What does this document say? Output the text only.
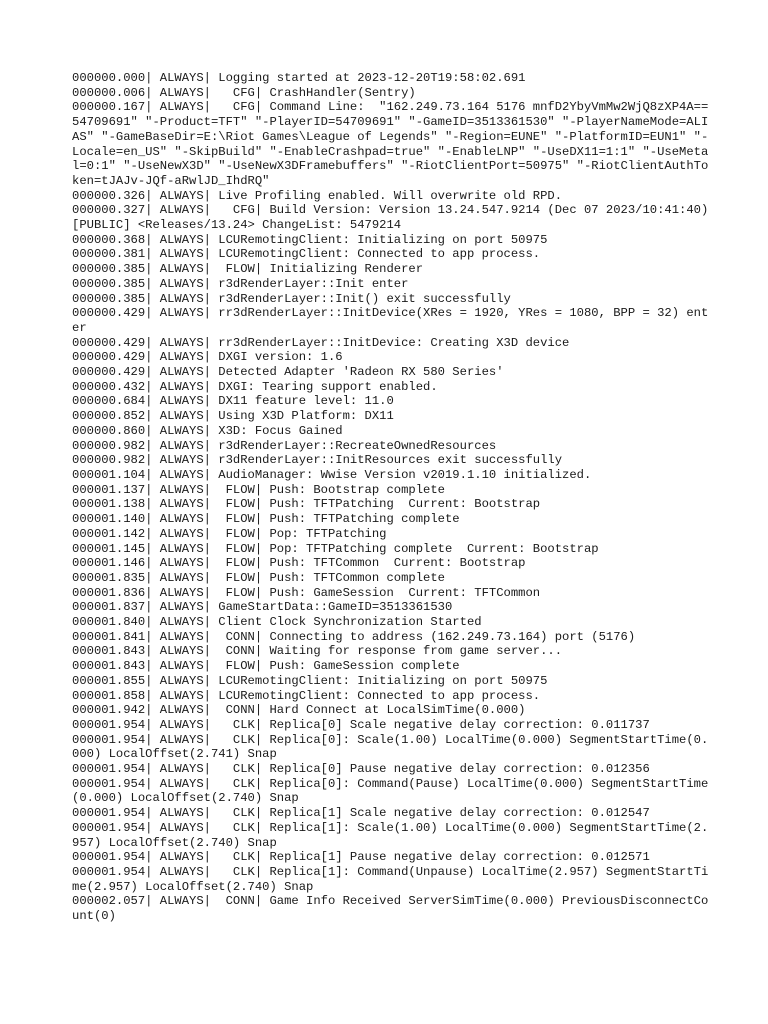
000000.000| ALWAYS| Logging started at 2023-12-20T19:58:02.691
000000.006| ALWAYS|   CFG| CrashHandler(Sentry)
000000.167| ALWAYS|   CFG| Command Line:  "162.249.73.164 5176 mnfD2YbyVmMw2WjQ8zXP4A== 54709691" "-Product=TFT" "-PlayerID=54709691" "-GameID=3513361530" "-PlayerNameMode=ALIAS" "-GameBaseDir=E:\Riot Games\League of Legends" "-Region=EUNE" "-PlatformID=EUN1" "-Locale=en_US" "-SkipBuild" "-EnableCrashpad=true" "-EnableLNP" "-UseDX11=1:1" "-UseMetal=0:1" "-UseNewX3D" "-UseNewX3DFramebuffers" "-RiotClientPort=50975" "-RiotClientAuthToken=tJAJv-JQf-aRwlJD_IhdRQ"
000000.326| ALWAYS| Live Profiling enabled. Will overwrite old RPD.
000000.327| ALWAYS|   CFG| Build Version: Version 13.24.547.9214 (Dec 07 2023/10:41:40) [PUBLIC] <Releases/13.24> ChangeList: 5479214
000000.368| ALWAYS| LCURemotingClient: Initializing on port 50975
000000.381| ALWAYS| LCURemotingClient: Connected to app process.
000000.385| ALWAYS|  FLOW| Initializing Renderer
000000.385| ALWAYS| r3dRenderLayer::Init enter
000000.385| ALWAYS| r3dRenderLayer::Init() exit successfully
000000.429| ALWAYS| rr3dRenderLayer::InitDevice(XRes = 1920, YRes = 1080, BPP = 32) enter
000000.429| ALWAYS| rr3dRenderLayer::InitDevice: Creating X3D device
000000.429| ALWAYS| DXGI version: 1.6
000000.429| ALWAYS| Detected Adapter 'Radeon RX 580 Series'
000000.432| ALWAYS| DXGI: Tearing support enabled.
000000.684| ALWAYS| DX11 feature level: 11.0
000000.852| ALWAYS| Using X3D Platform: DX11
000000.860| ALWAYS| X3D: Focus Gained
000000.982| ALWAYS| r3dRenderLayer::RecreateOwnedResources
000000.982| ALWAYS| r3dRenderLayer::InitResources exit successfully
000001.104| ALWAYS| AudioManager: Wwise Version v2019.1.10 initialized.
000001.137| ALWAYS|  FLOW| Push: Bootstrap complete
000001.138| ALWAYS|  FLOW| Push: TFTPatching  Current: Bootstrap
000001.140| ALWAYS|  FLOW| Push: TFTPatching complete
000001.142| ALWAYS|  FLOW| Pop: TFTPatching
000001.145| ALWAYS|  FLOW| Pop: TFTPatching complete  Current: Bootstrap
000001.146| ALWAYS|  FLOW| Push: TFTCommon  Current: Bootstrap
000001.835| ALWAYS|  FLOW| Push: TFTCommon complete
000001.836| ALWAYS|  FLOW| Push: GameSession  Current: TFTCommon
000001.837| ALWAYS| GameStartData::GameID=3513361530
000001.840| ALWAYS| Client Clock Synchronization Started
000001.841| ALWAYS|  CONN| Connecting to address (162.249.73.164) port (5176)
000001.843| ALWAYS|  CONN| Waiting for response from game server...
000001.843| ALWAYS|  FLOW| Push: GameSession complete
000001.855| ALWAYS| LCURemotingClient: Initializing on port 50975
000001.858| ALWAYS| LCURemotingClient: Connected to app process.
000001.942| ALWAYS|  CONN| Hard Connect at LocalSimTime(0.000)
000001.954| ALWAYS|   CLK| Replica[0] Scale negative delay correction: 0.011737
000001.954| ALWAYS|   CLK| Replica[0]: Scale(1.00) LocalTime(0.000) SegmentStartTime(0.000) LocalOffset(2.741) Snap
000001.954| ALWAYS|   CLK| Replica[0] Pause negative delay correction: 0.012356
000001.954| ALWAYS|   CLK| Replica[0]: Command(Pause) LocalTime(0.000) SegmentStartTime(0.000) LocalOffset(2.740) Snap
000001.954| ALWAYS|   CLK| Replica[1] Scale negative delay correction: 0.012547
000001.954| ALWAYS|   CLK| Replica[1]: Scale(1.00) LocalTime(0.000) SegmentStartTime(2.957) LocalOffset(2.740) Snap
000001.954| ALWAYS|   CLK| Replica[1] Pause negative delay correction: 0.012571
000001.954| ALWAYS|   CLK| Replica[1]: Command(Unpause) LocalTime(2.957) SegmentStartTime(2.957) LocalOffset(2.740) Snap
000002.057| ALWAYS|  CONN| Game Info Received ServerSimTime(0.000) PreviousDisconnectCount(0)
